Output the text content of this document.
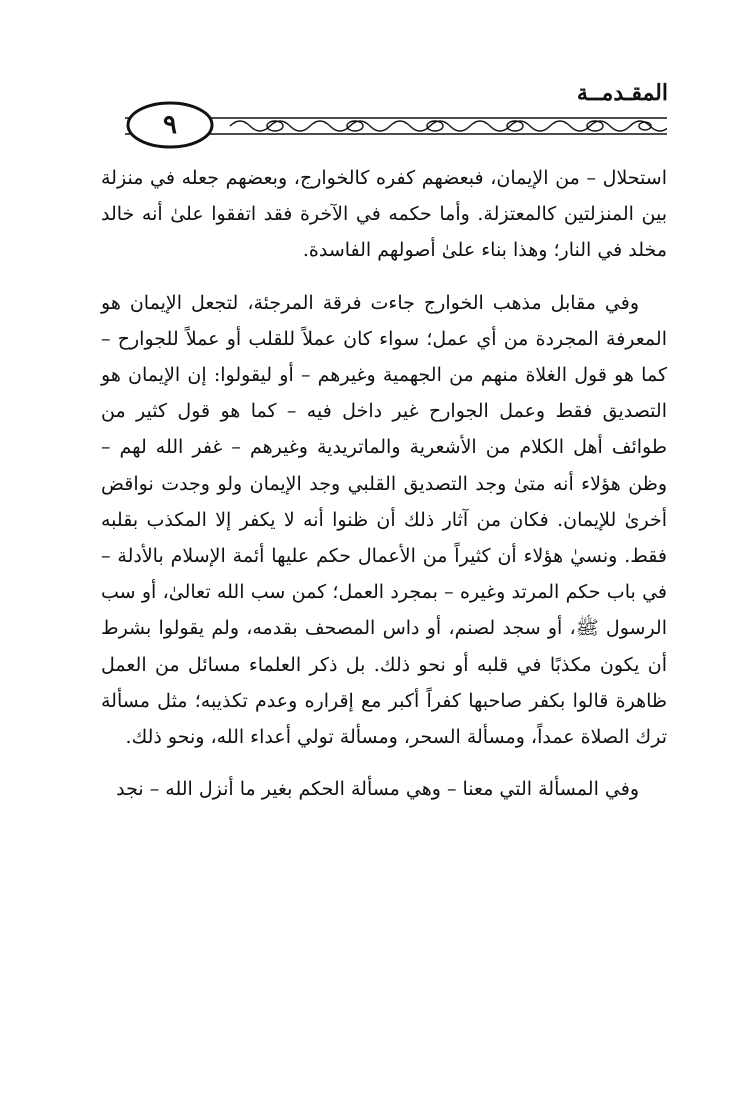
المقـدمــة
٩

استحلال – من الإيمان، فبعضهم كفره كالخوارج، وبعضهم جعله في منزلة بين المنزلتين كالمعتزلة. وأما حكمه في الآخرة فقد اتفقوا علىٰ أنه خالد مخلد في النار؛ وهذا بناء علىٰ أصولهم الفاسدة.

وفي مقابل مذهب الخوارج جاءت فرقة المرجئة، لتجعل الإيمان هو المعرفة المجردة من أي عمل؛ سواء كان عملاً للقلب أو عملاً للجوارح – كما هو قول الغلاة منهم من الجهمية وغيرهم – أو ليقولوا: إن الإيمان هو التصديق فقط وعمل الجوارح غير داخل فيه – كما هو قول كثير من طوائف أهل الكلام من الأشعرية والماتريدية وغيرهم – غفر الله لهم – وظن هؤلاء أنه متىٰ وجد التصديق القلبي وجد الإيمان ولو وجدت نواقض أخرىٰ للإيمان. فكان من آثار ذلك أن ظنوا أنه لا يكفر إلا المكذب بقلبه فقط. ونسيٰ هؤلاء أن كثيراً من الأعمال حكم عليها أئمة الإسلام بالأدلة – في باب حكم المرتد وغيره – بمجرد العمل؛ كمن سب الله تعالىٰ، أو سب الرسول ﷺ، أو سجد لصنم، أو داس المصحف بقدمه، ولم يقولوا بشرط أن يكون مكذبًا في قلبه أو نحو ذلك. بل ذكر العلماء مسائل من العمل ظاهرة قالوا بكفر صاحبها كفراً أكبر مع إقراره وعدم تكذيبه؛ مثل مسألة ترك الصلاة عمداً، ومسألة السحر، ومسألة تولي أعداء الله، ونحو ذلك.

وفي المسألة التي معنا – وهي مسألة الحكم بغير ما أنزل الله – نجد
